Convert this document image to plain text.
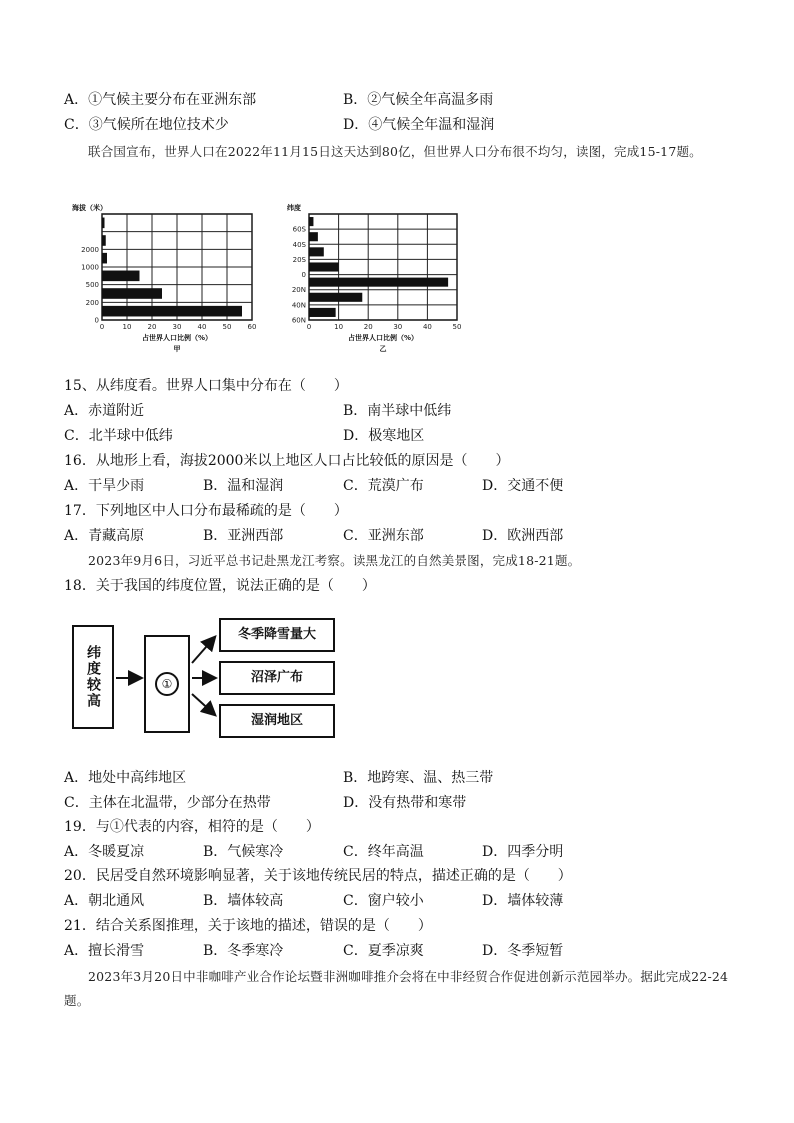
A．①气候主要分布在亚洲东部	B．②气候全年高温多雨
C．③气候所在地位技术少	D．④气候全年温和湿润
联合国宣布，世界人口在2022年11月15日这天达到80亿，但世界人口分布很不均匀，读图，完成15-17题。
海拔（米）
0	10 20 30 40 50 60
0
200
500
1000
2000
占世界人口比例（%）
甲
纬度
0	10	20	30	40	50
60N
40N
20N
0
20S
40S
60S
占世界人口比例（%）
乙
15、从纬度看。世界人口集中分布在（　　）
A．赤道附近	B．南半球中低纬
C．北半球中低纬	D．极寒地区
16．从地形上看，海拔2000米以上地区人口占比较低的原因是（　　）
A．干旱少雨	B．温和湿润	C．荒漠广布	D．交通不便
17．下列地区中人口分布最稀疏的是（　　）
A．青藏高原	B．亚洲西部	C．亚洲东部	D．欧洲西部
2023年9月6日，习近平总书记赴黑龙江考察。读黑龙江的自然美景图，完成18-21题。
18．关于我国的纬度位置，说法正确的是（　　）
纬度较高	①
冬季降雪量大
沼泽广布
湿润地区
A．地处中高纬地区	B．地跨寒、温、热三带
C．主体在北温带，少部分在热带	D．没有热带和寒带
19．与①代表的内容，相符的是（　　）
A．冬暖夏凉	B．气候寒冷	C．终年高温	D．四季分明
20．民居受自然环境影响显著，关于该地传统民居的特点，描述正确的是（　　）
A．朝北通风	B．墙体较高	C．窗户较小	D．墙体较薄
21．结合关系图推理，关于该地的描述，错误的是（　　）
A．擅长滑雪	B．冬季寒冷	C．夏季凉爽	D．冬季短暂
2023年3月20日中非咖啡产业合作论坛暨非洲咖啡推介会将在中非经贸合作促进创新示范园举办。据此完成22-24题。
